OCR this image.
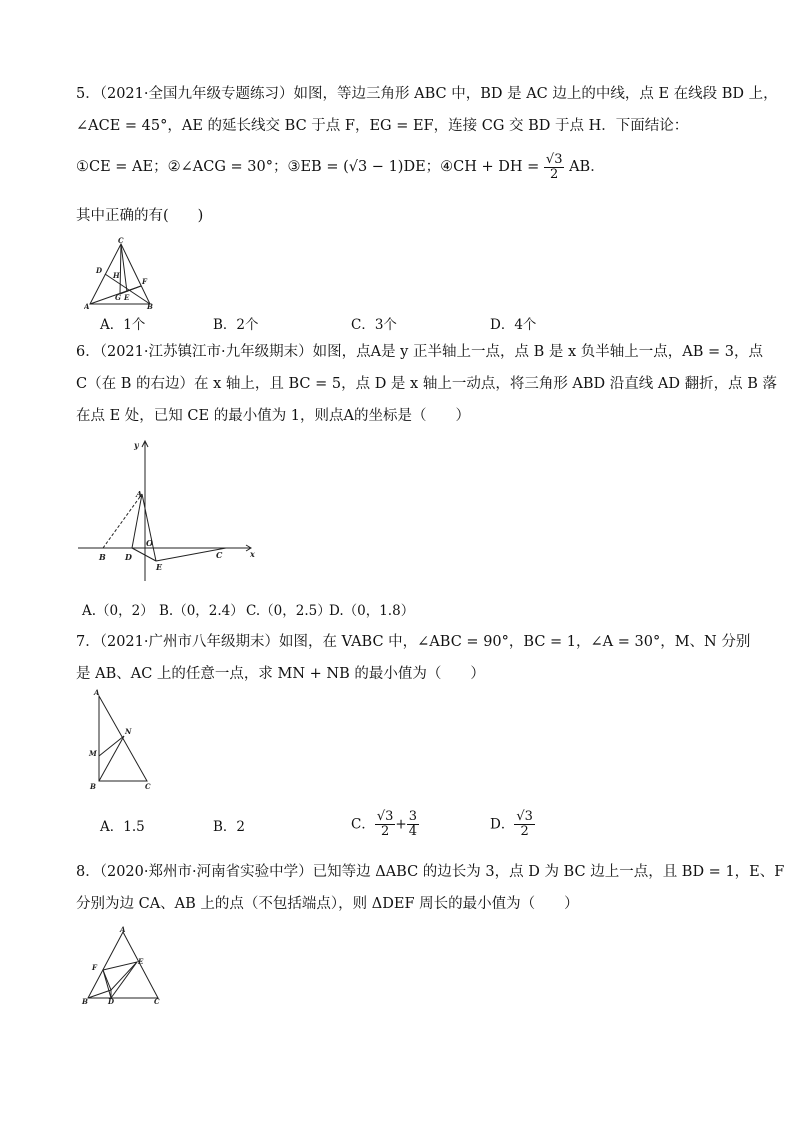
5．（2021·全国九年级专题练习）如图，等边三角形 ABC 中，BD 是 AC 边上的中线，点 E 在线段 BD 上，
∠ACE = 45°，AE 的延长线交 BC 于点 F，EG = EF，连接 CG 交 BD 于点 H．下面结论：
①CE = AE；②∠ACG = 30°；③EB = (√3 − 1)DE；④CH + DH = $\frac{√3}{2}$ AB．
其中正确的有(　　)
C
D
H
F
A
G E
B
A．1个	B．2个	C．3个	D．4个
6．（2021·江苏镇江市·九年级期末）如图，点A是 y 正半轴上一点，点 B 是 x 负半轴上一点，AB = 3，点
C（在 B 的右边）在 x 轴上，且 BC = 5，点 D 是 x 轴上一动点，将三角形 ABD 沿直线 AD 翻折，点 B 落
在点 E 处，已知 CE 的最小值为 1，则点A的坐标是（　　）
y
A
O
x
B D
E
C
A.（0，2） B.（0，2.4） C.（0，2.5）
D.（0，1.8）
7．（2021·广州市八年级期末）如图，在 VABC 中，∠ABC = 90°，BC = 1，∠A = 30°，M、N 分别
是 AB、AC 上的任意一点，求 MN + NB 的最小值为（　　）
A
N
M
B	C
A．1.5	B．2	C． $\frac{√3}{2} + \frac{3}{4}$	D． $\frac{√3}{2}$
8．（2020·郑州市·河南省实验中学）已知等边 ΔABC 的边长为 3，点 D 为 BC 边上一点，且 BD = 1，E、F
分别为边 CA、AB 上的点（不包括端点），则 ΔDEF 周长的最小值为（　　）
A
F
E
B	D	C
